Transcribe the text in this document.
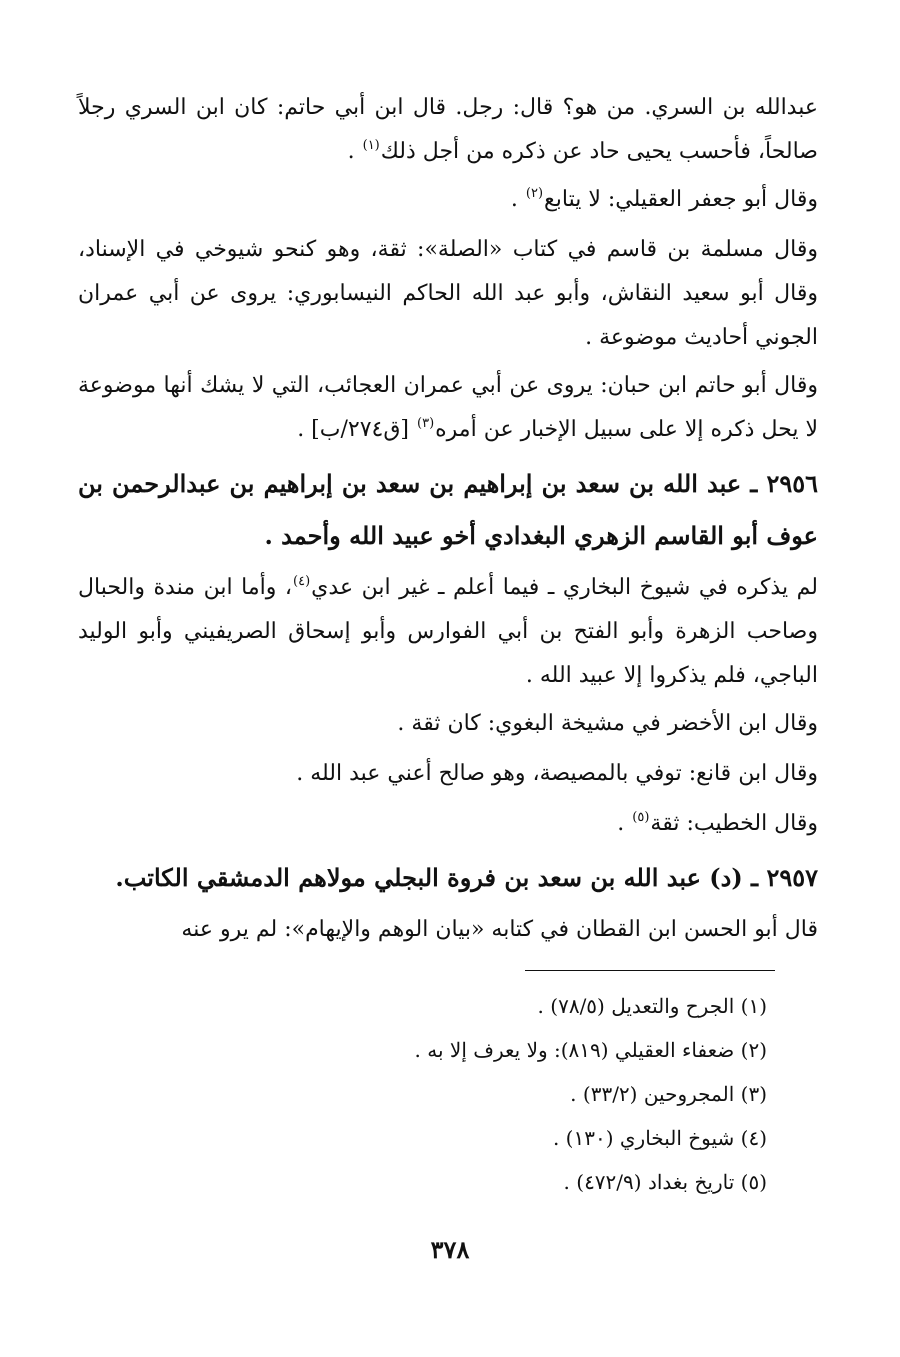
عبدالله بن السري. من هو؟ قال: رجل. قال ابن أبي حاتم: كان ابن السري رجلاً صالحاً، فأحسب يحيى حاد عن ذكره من أجل ذلك$^{(١)}$ .

وقال أبو جعفر العقيلي: لا يتابع$^{(٢)}$ .

وقال مسلمة بن قاسم في كتاب «الصلة»: ثقة، وهو كنحو شيوخي في الإسناد، وقال أبو سعيد النقاش، وأبو عبد الله الحاكم النيسابوري: يروى عن أبي عمران الجوني أحاديث موضوعة .

وقال أبو حاتم ابن حبان: يروى عن أبي عمران العجائب، التي لا يشك أنها موضوعة لا يحل ذكره إلا على سبيل الإخبار عن أمره$^{(٣)}$ [ق٢٧٤/ب] .

٢٩٥٦ ـ عبد الله بن سعد بن إبراهيم بن سعد بن إبراهيم بن عبدالرحمن بن عوف أبو القاسم الزهري البغدادي أخو عبيد الله وأحمد .

لم يذكره في شيوخ البخاري ـ فيما أعلم ـ غير ابن عدي$^{(٤)}$، وأما ابن مندة والحبال وصاحب الزهرة وأبو الفتح بن أبي الفوارس وأبو إسحاق الصريفيني وأبو الوليد الباجي، فلم يذكروا إلا عبيد الله .

وقال ابن الأخضر في مشيخة البغوي: كان ثقة .

وقال ابن قانع: توفي بالمصيصة، وهو صالح أعني عبد الله .

وقال الخطيب: ثقة$^{(٥)}$ .

٢٩٥٧ ـ (د) عبد الله بن سعد بن فروة البجلي مولاهم الدمشقي الكاتب.

قال أبو الحسن ابن القطان في كتابه «بيان الوهم والإيهام»: لم يرو عنه

(١) الجرح والتعديل (٧٨/٥) .

(٢) ضعفاء العقيلي (٨١٩): ولا يعرف إلا به .

(٣) المجروحين (٣٣/٢) .

(٤) شيوخ البخاري (١٣٠) .

(٥) تاريخ بغداد (٤٧٢/٩) .

٣٧٨
